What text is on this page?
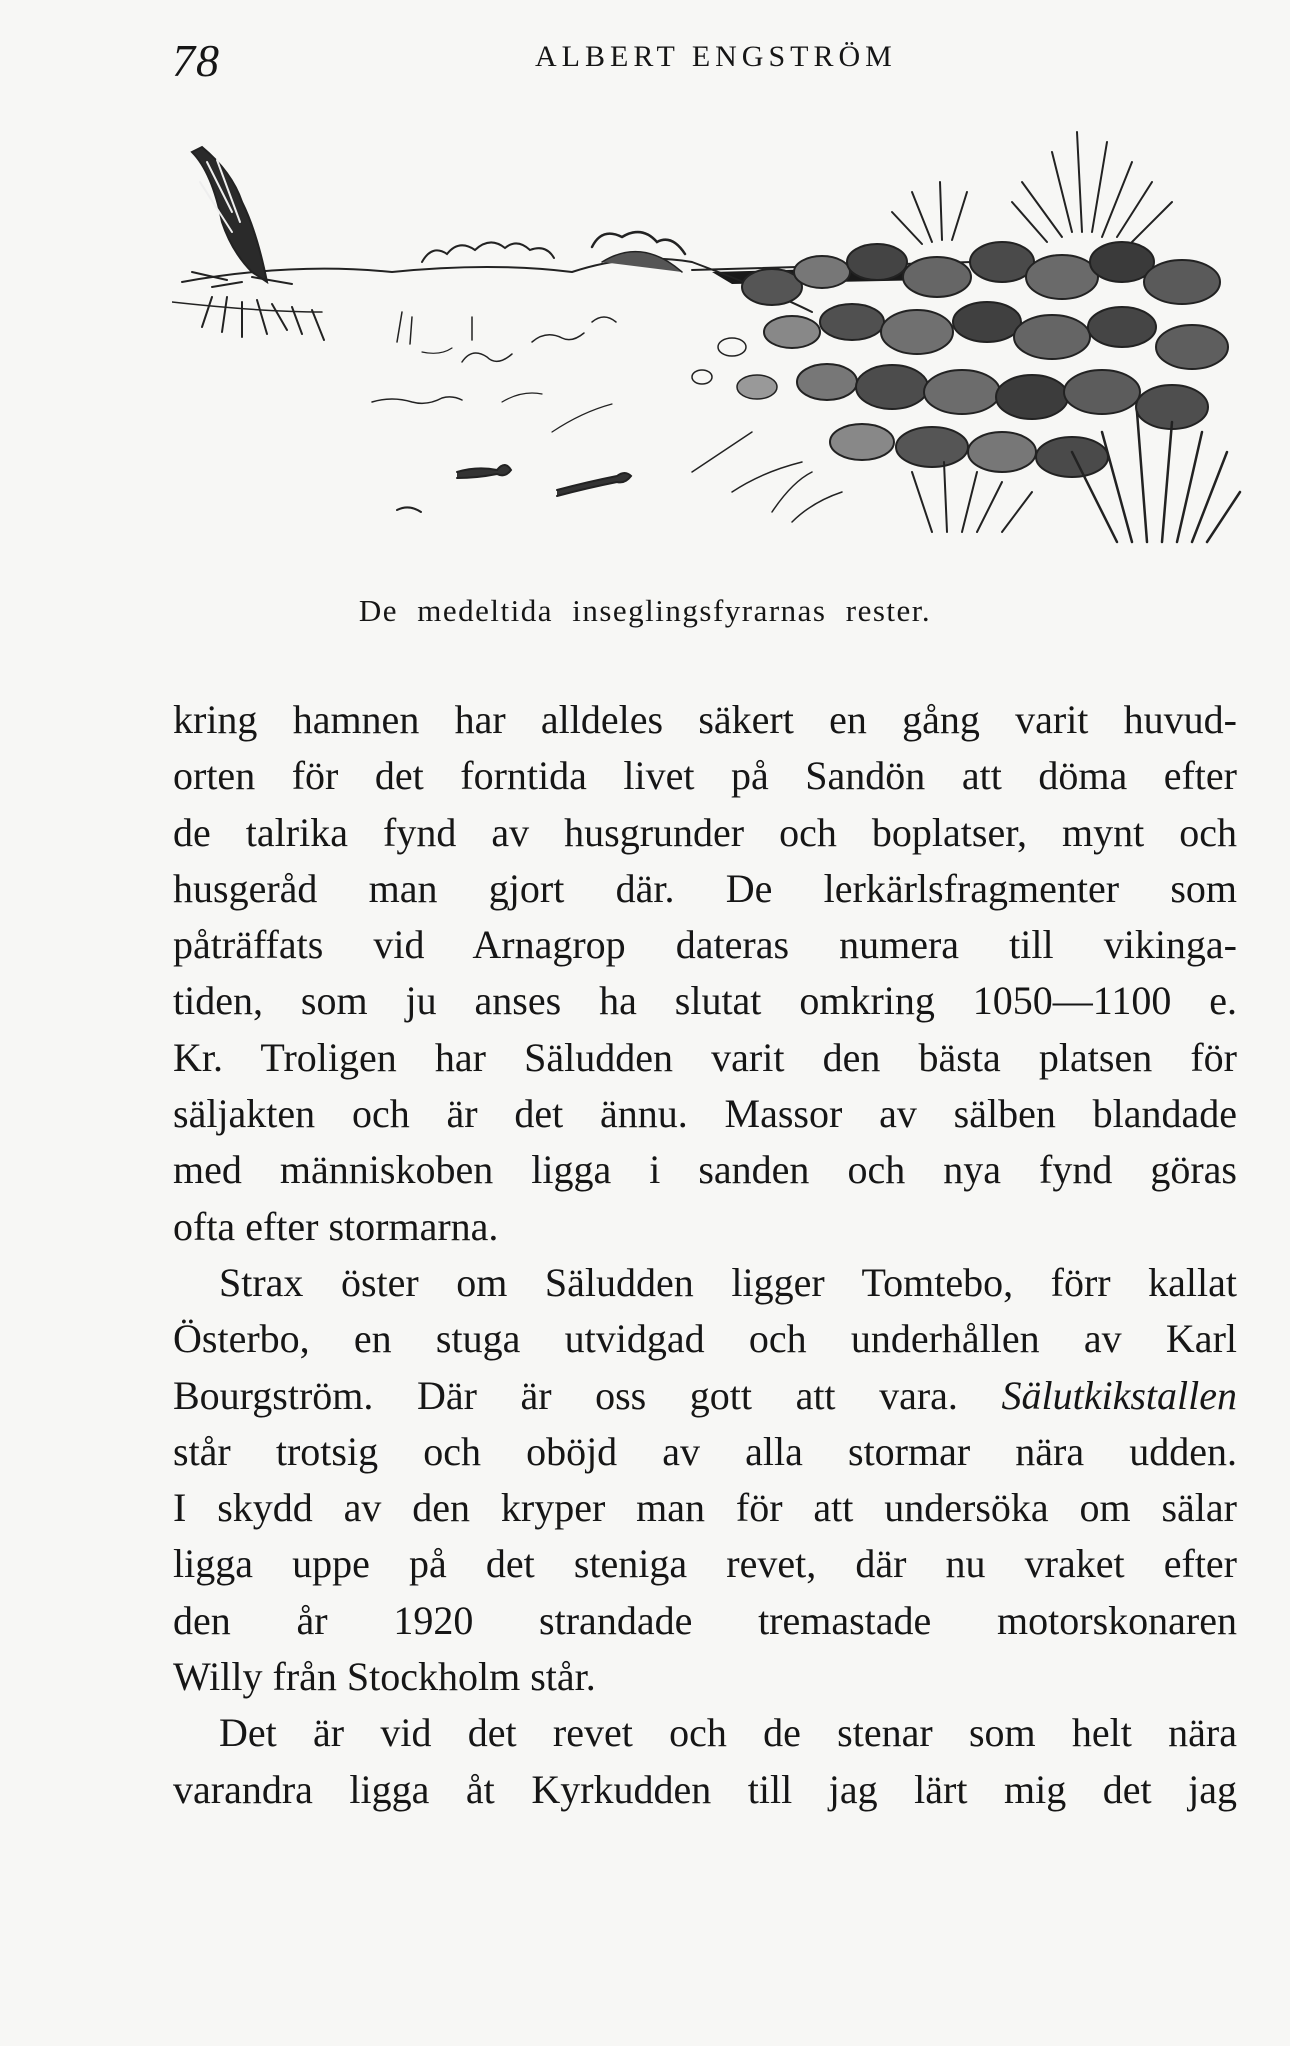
78	ALBERT ENGSTRÖM
De medeltida inseglingsfyrarnas rester.
kring hamnen har alldeles säkert en gång varit huvud-
orten för det forntida livet på Sandön att döma efter
de talrika fynd av husgrunder och boplatser, mynt och
husgeråd man gjort där. De lerkärlsfragmenter som
påträffats vid Arnagrop dateras numera till vikinga-
tiden, som ju anses ha slutat omkring 1050—1100 e.
Kr. Troligen har Säludden varit den bästa platsen för
säljakten och är det ännu. Massor av sälben blandade
med människoben ligga i sanden och nya fynd göras
ofta efter stormarna.
Strax öster om Säludden ligger Tomtebo, förr kallat
Österbo, en stuga utvidgad och underhållen av Karl
Bourgström. Där är oss gott att vara. Sälutkikstallen
står trotsig och oböjd av alla stormar nära udden.
I skydd av den kryper man för att undersöka om sälar
ligga uppe på det steniga revet, där nu vraket efter
den år 1920 strandade tremastade motorskonaren
Willy från Stockholm står.
Det är vid det revet och de stenar som helt nära
varandra ligga åt Kyrkudden till jag lärt mig det jag
